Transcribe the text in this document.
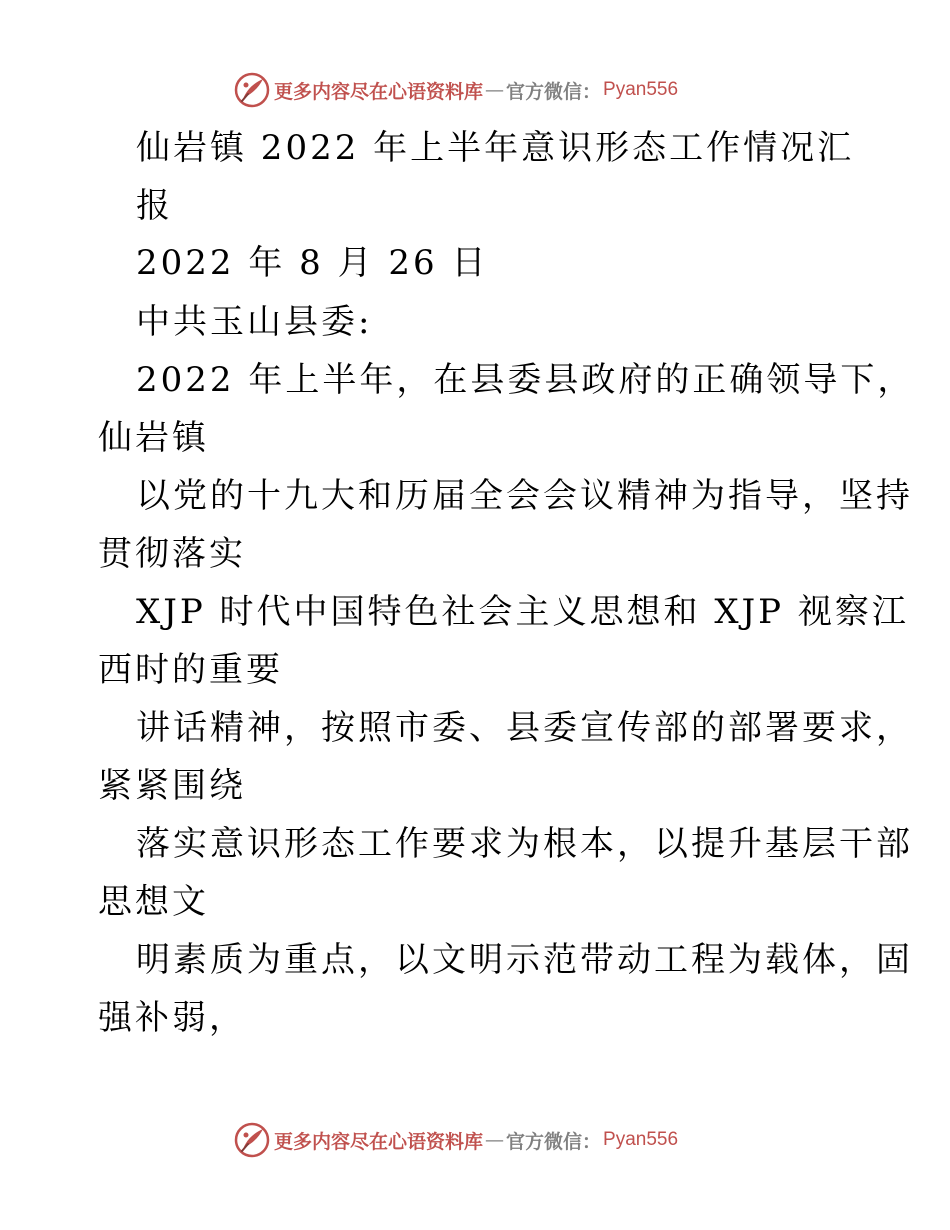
更多内容尽在心语资料库 — 官方微信： Pyan556
仙岩镇 2022 年上半年意识形态工作情况汇
报
2022 年 8 月 26 日
中共玉山县委:
2022 年上半年，在县委县政府的正确领导下，
仙岩镇
以党的十九大和历届全会会议精神为指导，坚持
贯彻落实
XJP 时代中国特色社会主义思想和 XJP 视察江
西时的重要
讲话精神，按照市委、县委宣传部的部署要求，
紧紧围绕
落实意识形态工作要求为根本，以提升基层干部
思想文
明素质为重点，以文明示范带动工程为载体，固
强补弱，
更多内容尽在心语资料库 — 官方微信： Pyan556
